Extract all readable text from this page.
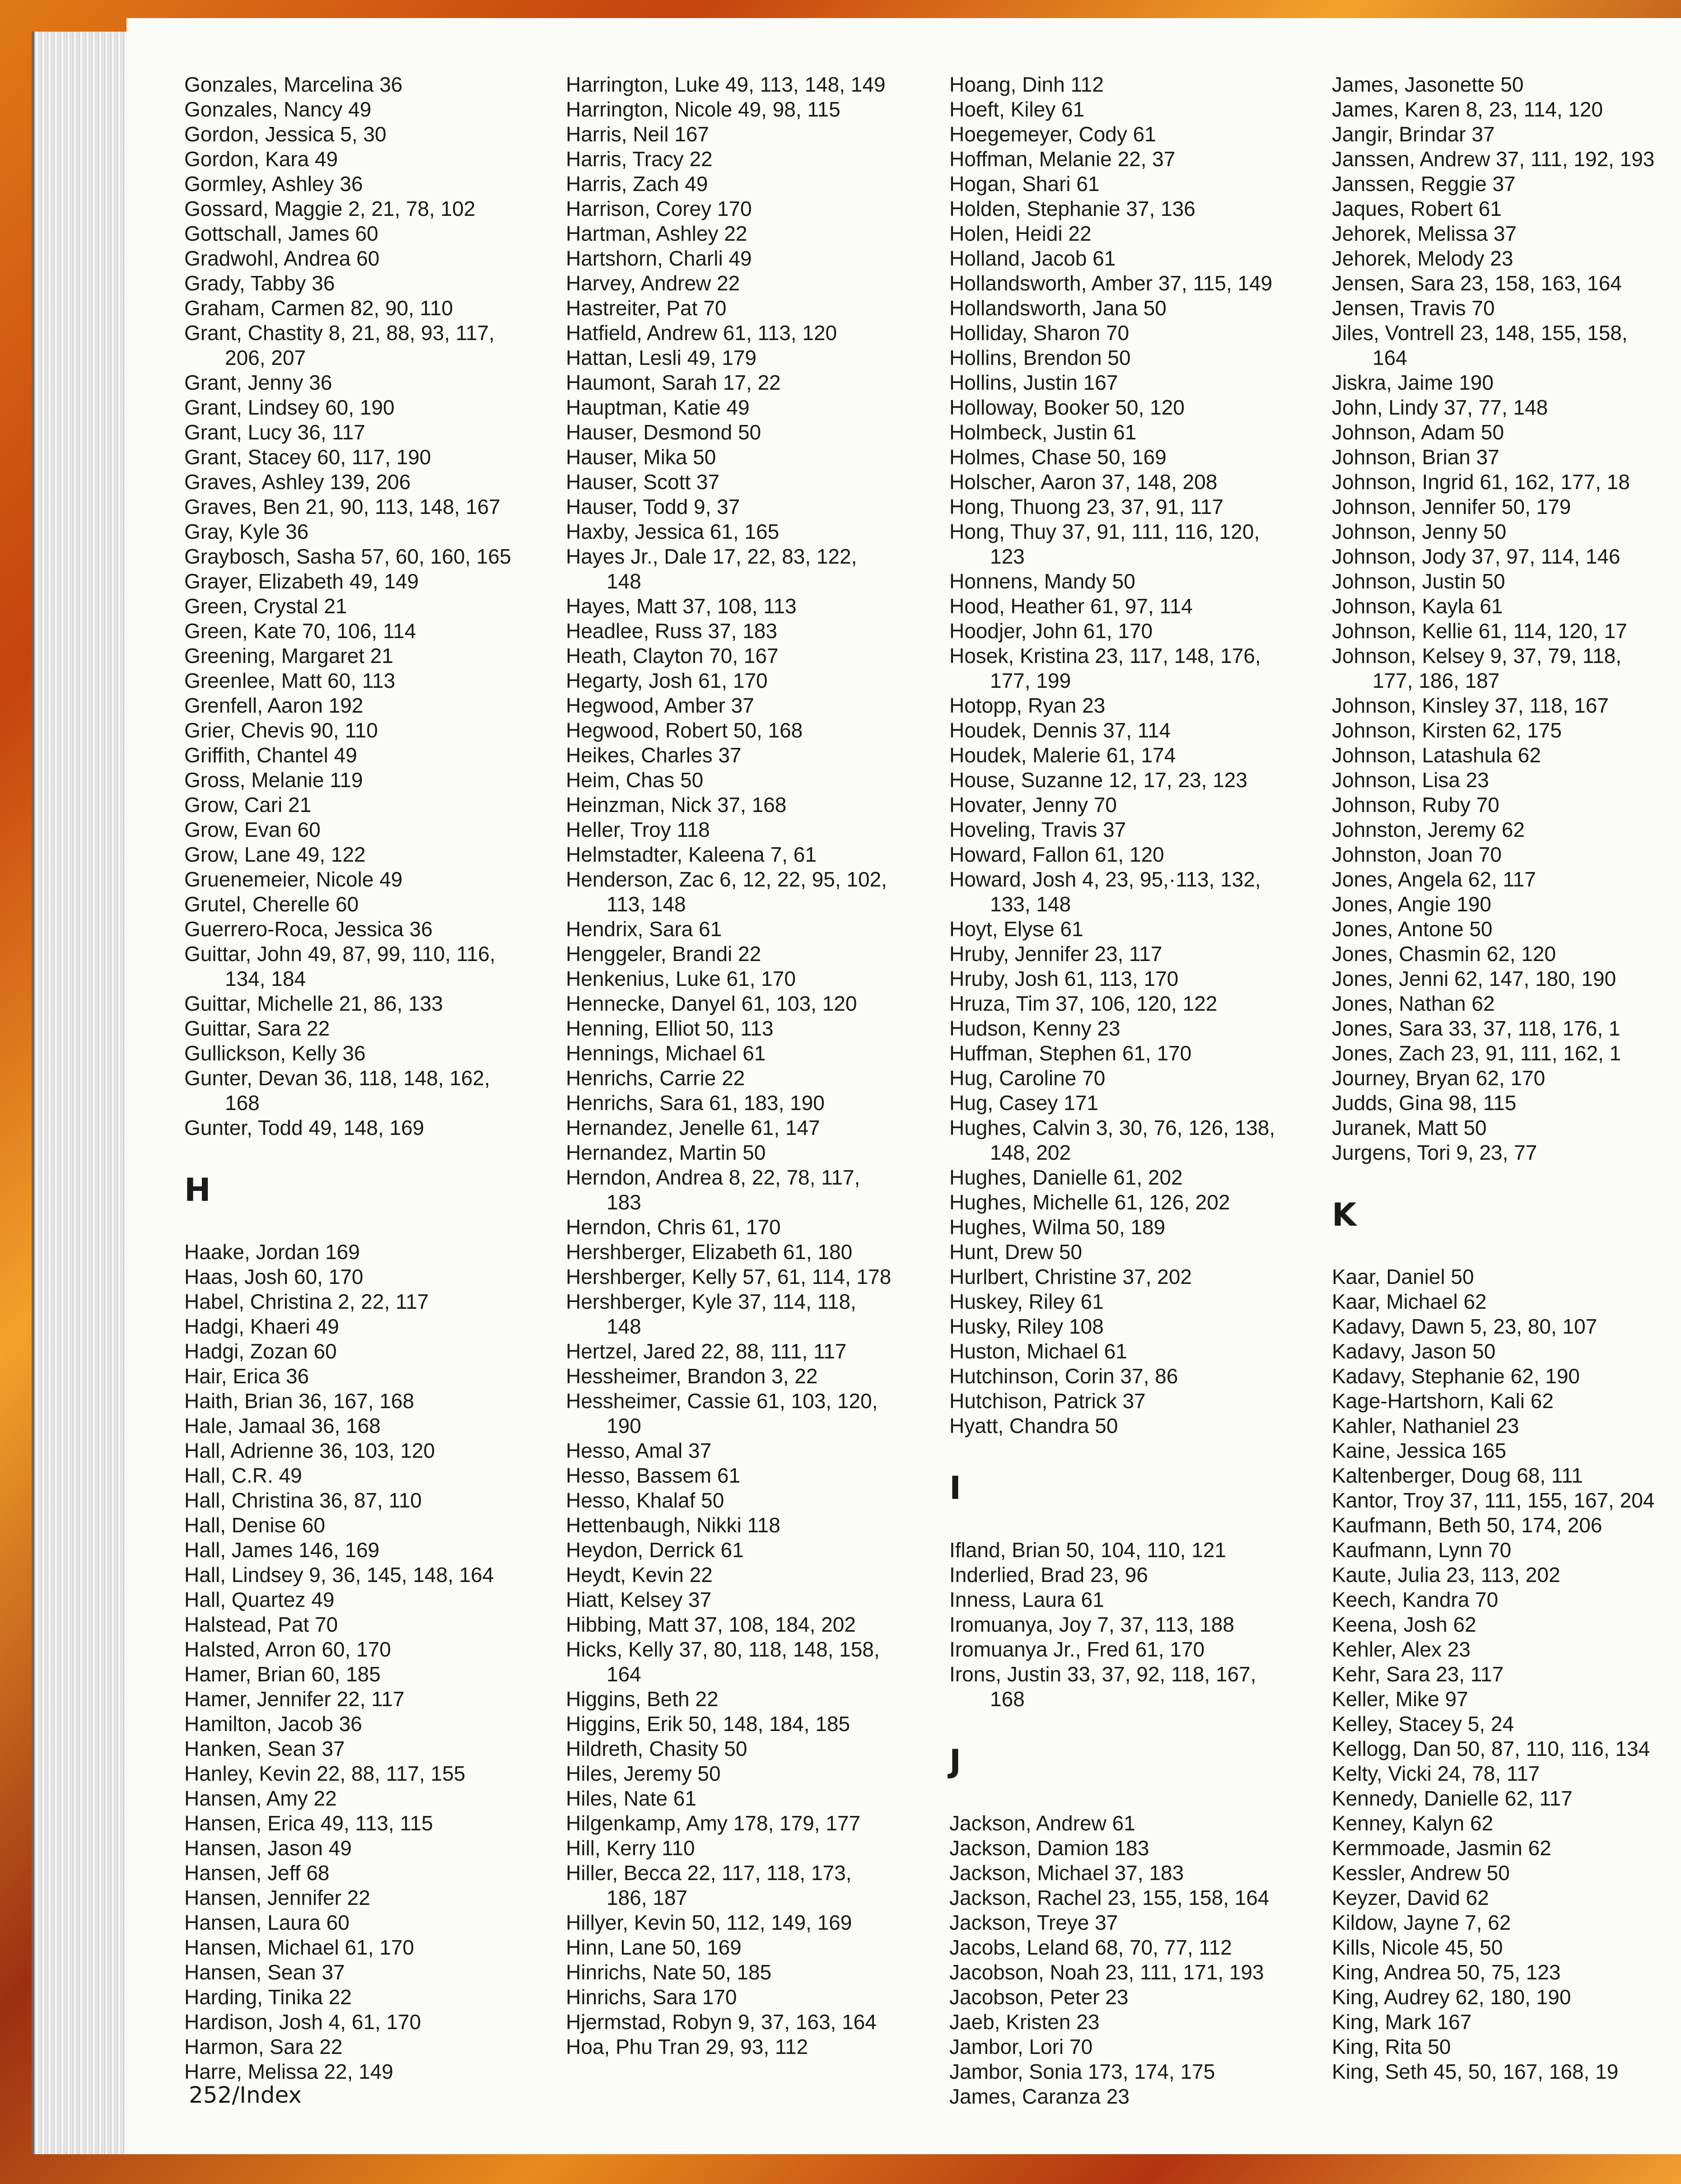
Gonzales, Marcelina 36
Gonzales, Nancy 49
Gordon, Jessica 5, 30
Gordon, Kara 49
Gormley, Ashley 36
Gossard, Maggie 2, 21, 78, 102
Gottschall, James 60
Gradwohl, Andrea 60
Grady, Tabby 36
Graham, Carmen 82, 90, 110
Grant, Chastity 8, 21, 88, 93, 117,
206, 207
Grant, Jenny 36
Grant, Lindsey 60, 190
Grant, Lucy 36, 117
Grant, Stacey 60, 117, 190
Graves, Ashley 139, 206
Graves, Ben 21, 90, 113, 148, 167
Gray, Kyle 36
Graybosch, Sasha 57, 60, 160, 165
Grayer, Elizabeth 49, 149
Green, Crystal 21
Green, Kate 70, 106, 114
Greening, Margaret 21
Greenlee, Matt 60, 113
Grenfell, Aaron 192
Grier, Chevis 90, 110
Griffith, Chantel 49
Gross, Melanie 119
Grow, Cari 21
Grow, Evan 60
Grow, Lane 49, 122
Gruenemeier, Nicole 49
Grutel, Cherelle 60
Guerrero-Roca, Jessica 36
Guittar, John 49, 87, 99, 110, 116,
134, 184
Guittar, Michelle 21, 86, 133
Guittar, Sara 22
Gullickson, Kelly 36
Gunter, Devan 36, 118, 148, 162,
168
Gunter, Todd 49, 148, 169
H
Haake, Jordan 169
Haas, Josh 60, 170
Habel, Christina 2, 22, 117
Hadgi, Khaeri 49
Hadgi, Zozan 60
Hair, Erica 36
Haith, Brian 36, 167, 168
Hale, Jamaal 36, 168
Hall, Adrienne 36, 103, 120
Hall, C.R. 49
Hall, Christina 36, 87, 110
Hall, Denise 60
Hall, James 146, 169
Hall, Lindsey 9, 36, 145, 148, 164
Hall, Quartez 49
Halstead, Pat 70
Halsted, Arron 60, 170
Hamer, Brian 60, 185
Hamer, Jennifer 22, 117
Hamilton, Jacob 36
Hanken, Sean 37
Hanley, Kevin 22, 88, 117, 155
Hansen, Amy 22
Hansen, Erica 49, 113, 115
Hansen, Jason 49
Hansen, Jeff 68
Hansen, Jennifer 22
Hansen, Laura 60
Hansen, Michael 61, 170
Hansen, Sean 37
Harding, Tinika 22
Hardison, Josh 4, 61, 170
Harmon, Sara 22
Harre, Melissa 22, 149
Harrington, Luke 49, 113, 148, 149
Harrington, Nicole 49, 98, 115
Harris, Neil 167
Harris, Tracy 22
Harris, Zach 49
Harrison, Corey 170
Hartman, Ashley 22
Hartshorn, Charli 49
Harvey, Andrew 22
Hastreiter, Pat 70
Hatfield, Andrew 61, 113, 120
Hattan, Lesli 49, 179
Haumont, Sarah 17, 22
Hauptman, Katie 49
Hauser, Desmond 50
Hauser, Mika 50
Hauser, Scott 37
Hauser, Todd 9, 37
Haxby, Jessica 61, 165
Hayes Jr., Dale 17, 22, 83, 122,
148
Hayes, Matt 37, 108, 113
Headlee, Russ 37, 183
Heath, Clayton 70, 167
Hegarty, Josh 61, 170
Hegwood, Amber 37
Hegwood, Robert 50, 168
Heikes, Charles 37
Heim, Chas 50
Heinzman, Nick 37, 168
Heller, Troy 118
Helmstadter, Kaleena 7, 61
Henderson, Zac 6, 12, 22, 95, 102,
113, 148
Hendrix, Sara 61
Henggeler, Brandi 22
Henkenius, Luke 61, 170
Hennecke, Danyel 61, 103, 120
Henning, Elliot 50, 113
Hennings, Michael 61
Henrichs, Carrie 22
Henrichs, Sara 61, 183, 190
Hernandez, Jenelle 61, 147
Hernandez, Martin 50
Herndon, Andrea 8, 22, 78, 117,
183
Herndon, Chris 61, 170
Hershberger, Elizabeth 61, 180
Hershberger, Kelly 57, 61, 114, 178
Hershberger, Kyle 37, 114, 118,
148
Hertzel, Jared 22, 88, 111, 117
Hessheimer, Brandon 3, 22
Hessheimer, Cassie 61, 103, 120,
190
Hesso, Amal 37
Hesso, Bassem 61
Hesso, Khalaf 50
Hettenbaugh, Nikki 118
Heydon, Derrick 61
Heydt, Kevin 22
Hiatt, Kelsey 37
Hibbing, Matt 37, 108, 184, 202
Hicks, Kelly 37, 80, 118, 148, 158,
164
Higgins, Beth 22
Higgins, Erik 50, 148, 184, 185
Hildreth, Chasity 50
Hiles, Jeremy 50
Hiles, Nate 61
Hilgenkamp, Amy 178, 179, 177
Hill, Kerry 110
Hiller, Becca 22, 117, 118, 173,
186, 187
Hillyer, Kevin 50, 112, 149, 169
Hinn, Lane 50, 169
Hinrichs, Nate 50, 185
Hinrichs, Sara 170
Hjermstad, Robyn 9, 37, 163, 164
Hoa, Phu Tran 29, 93, 112
Hoang, Dinh 112
Hoeft, Kiley 61
Hoegemeyer, Cody 61
Hoffman, Melanie 22, 37
Hogan, Shari 61
Holden, Stephanie 37, 136
Holen, Heidi 22
Holland, Jacob 61
Hollandsworth, Amber 37, 115, 149
Hollandsworth, Jana 50
Holliday, Sharon 70
Hollins, Brendon 50
Hollins, Justin 167
Holloway, Booker 50, 120
Holmbeck, Justin 61
Holmes, Chase 50, 169
Holscher, Aaron 37, 148, 208
Hong, Thuong 23, 37, 91, 117
Hong, Thuy 37, 91, 111, 116, 120,
123
Honnens, Mandy 50
Hood, Heather 61, 97, 114
Hoodjer, John 61, 170
Hosek, Kristina 23, 117, 148, 176,
177, 199
Hotopp, Ryan 23
Houdek, Dennis 37, 114
Houdek, Malerie 61, 174
House, Suzanne 12, 17, 23, 123
Hovater, Jenny 70
Hoveling, Travis 37
Howard, Fallon 61, 120
Howard, Josh 4, 23, 95,·113, 132,
133, 148
Hoyt, Elyse 61
Hruby, Jennifer 23, 117
Hruby, Josh 61, 113, 170
Hruza, Tim 37, 106, 120, 122
Hudson, Kenny 23
Huffman, Stephen 61, 170
Hug, Caroline 70
Hug, Casey 171
Hughes, Calvin 3, 30, 76, 126, 138,
148, 202
Hughes, Danielle 61, 202
Hughes, Michelle 61, 126, 202
Hughes, Wilma 50, 189
Hunt, Drew 50
Hurlbert, Christine 37, 202
Huskey, Riley 61
Husky, Riley 108
Huston, Michael 61
Hutchinson, Corin 37, 86
Hutchison, Patrick 37
Hyatt, Chandra 50
I
Ifland, Brian 50, 104, 110, 121
Inderlied, Brad 23, 96
Inness, Laura 61
Iromuanya, Joy 7, 37, 113, 188
Iromuanya Jr., Fred 61, 170
Irons, Justin 33, 37, 92, 118, 167,
168
J
Jackson, Andrew 61
Jackson, Damion 183
Jackson, Michael 37, 183
Jackson, Rachel 23, 155, 158, 164
Jackson, Treye 37
Jacobs, Leland 68, 70, 77, 112
Jacobson, Noah 23, 111, 171, 193
Jacobson, Peter 23
Jaeb, Kristen 23
Jambor, Lori 70
Jambor, Sonia 173, 174, 175
James, Caranza 23
James, Jasonette 50
James, Karen 8, 23, 114, 120
Jangir, Brindar 37
Janssen, Andrew 37, 111, 192, 193
Janssen, Reggie 37
Jaques, Robert 61
Jehorek, Melissa 37
Jehorek, Melody 23
Jensen, Sara 23, 158, 163, 164
Jensen, Travis 70
Jiles, Vontrell 23, 148, 155, 158,
164
Jiskra, Jaime 190
John, Lindy 37, 77, 148
Johnson, Adam 50
Johnson, Brian 37
Johnson, Ingrid 61, 162, 177, 18
Johnson, Jennifer 50, 179
Johnson, Jenny 50
Johnson, Jody 37, 97, 114, 146
Johnson, Justin 50
Johnson, Kayla 61
Johnson, Kellie 61, 114, 120, 17
Johnson, Kelsey 9, 37, 79, 118,
177, 186, 187
Johnson, Kinsley 37, 118, 167
Johnson, Kirsten 62, 175
Johnson, Latashula 62
Johnson, Lisa 23
Johnson, Ruby 70
Johnston, Jeremy 62
Johnston, Joan 70
Jones, Angela 62, 117
Jones, Angie 190
Jones, Antone 50
Jones, Chasmin 62, 120
Jones, Jenni 62, 147, 180, 190
Jones, Nathan 62
Jones, Sara 33, 37, 118, 176, 1
Jones, Zach 23, 91, 111, 162, 1
Journey, Bryan 62, 170
Judds, Gina 98, 115
Juranek, Matt 50
Jurgens, Tori 9, 23, 77
K
Kaar, Daniel 50
Kaar, Michael 62
Kadavy, Dawn 5, 23, 80, 107
Kadavy, Jason 50
Kadavy, Stephanie 62, 190
Kage-Hartshorn, Kali 62
Kahler, Nathaniel 23
Kaine, Jessica 165
Kaltenberger, Doug 68, 111
Kantor, Troy 37, 111, 155, 167, 204
Kaufmann, Beth 50, 174, 206
Kaufmann, Lynn 70
Kaute, Julia 23, 113, 202
Keech, Kandra 70
Keena, Josh 62
Kehler, Alex 23
Kehr, Sara 23, 117
Keller, Mike 97
Kelley, Stacey 5, 24
Kellogg, Dan 50, 87, 110, 116, 134
Kelty, Vicki 24, 78, 117
Kennedy, Danielle 62, 117
Kenney, Kalyn 62
Kermmoade, Jasmin 62
Kessler, Andrew 50
Keyzer, David 62
Kildow, Jayne 7, 62
Kills, Nicole 45, 50
King, Andrea 50, 75, 123
King, Audrey 62, 180, 190
King, Mark 167
King, Rita 50
King, Seth 45, 50, 167, 168, 19
252/Index
